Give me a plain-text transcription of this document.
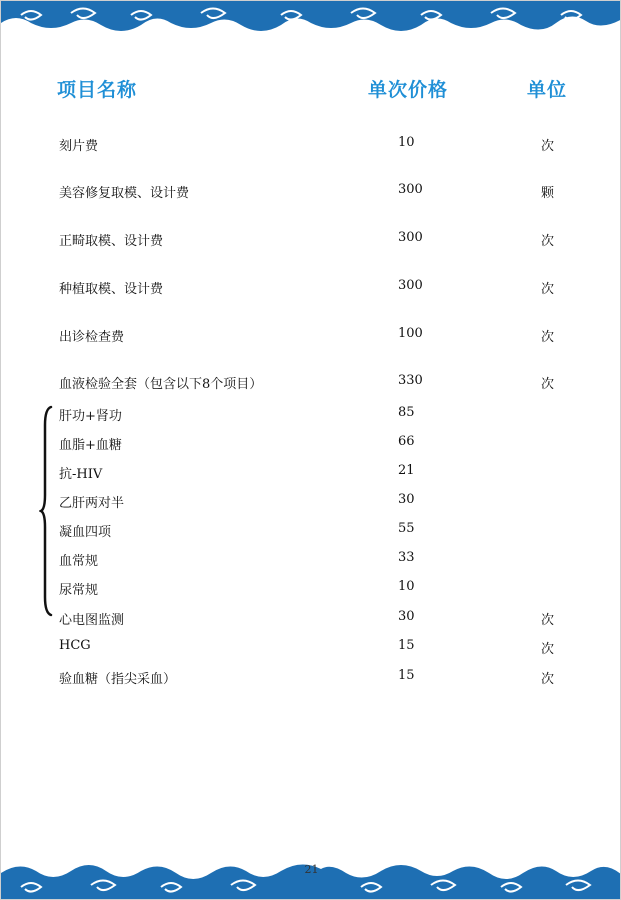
项目名称	单次价格	单位
刻片费	10	次
美容修复取模、设计费	300	颗
正畸取模、设计费	300	次
种植取模、设计费	300	次
出诊检查费	100	次
血液检验全套（包含以下8个项目）	330	次
肝功+肾功	85
血脂+血糖	66
抗-HIV	21
乙肝两对半	30
凝血四项	55
血常规	33
尿常规	10
心电图监测	30	次
HCG	15	次
验血糖（指尖采血）	15	次
21
